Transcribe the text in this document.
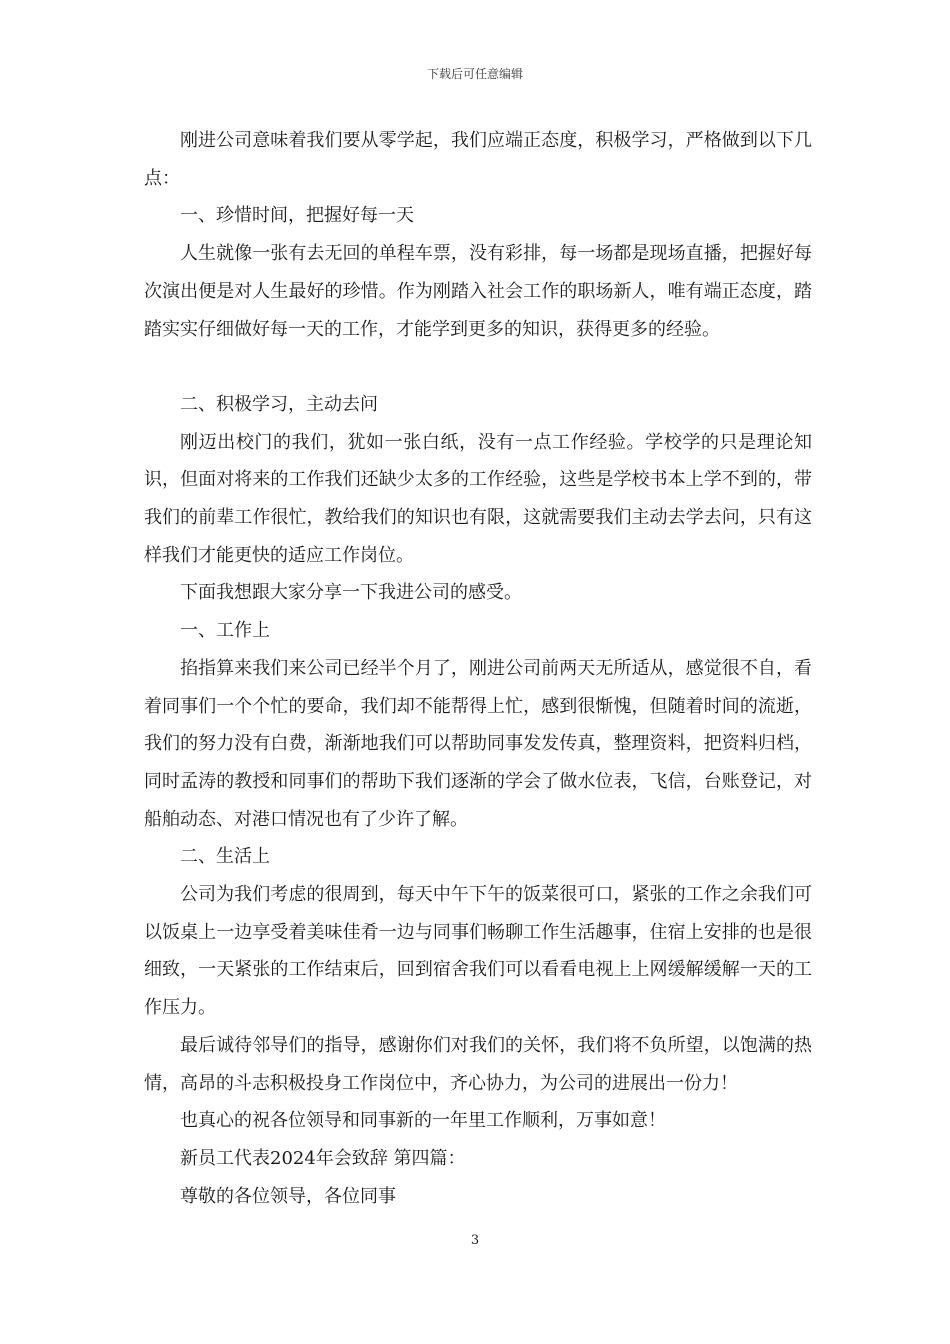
下载后可任意编辑

刚进公司意味着我们要从零学起，我们应端正态度，积极学习，严格做到以下几点：

一、珍惜时间，把握好每一天

人生就像一张有去无回的单程车票，没有彩排，每一场都是现场直播，把握好每次演出便是对人生最好的珍惜。作为刚踏入社会工作的职场新人，唯有端正态度，踏踏实实仔细做好每一天的工作，才能学到更多的知识，获得更多的经验。

二、积极学习，主动去问

刚迈出校门的我们，犹如一张白纸，没有一点工作经验。学校学的只是理论知识，但面对将来的工作我们还缺少太多的工作经验，这些是学校书本上学不到的，带我们的前辈工作很忙，教给我们的知识也有限，这就需要我们主动去学去问，只有这样我们才能更快的适应工作岗位。

下面我想跟大家分享一下我进公司的感受。

一、工作上

掐指算来我们来公司已经半个月了，刚进公司前两天无所适从，感觉很不自，看着同事们一个个忙的要命，我们却不能帮得上忙，感到很惭愧，但随着时间的流逝，我们的努力没有白费，渐渐地我们可以帮助同事发发传真，整理资料，把资料归档，同时孟涛的教授和同事们的帮助下我们逐渐的学会了做水位表，飞信，台账登记，对船舶动态、对港口情况也有了少许了解。

二、生活上

公司为我们考虑的很周到，每天中午下午的饭菜很可口，紧张的工作之余我们可以饭桌上一边享受着美味佳肴一边与同事们畅聊工作生活趣事，住宿上安排的也是很细致，一天紧张的工作结束后，回到宿舍我们可以看看电视上上网缓解缓解一天的工作压力。

最后诚待邻导们的指导，感谢你们对我们的关怀，我们将不负所望，以饱满的热情，高昂的斗志积极投身工作岗位中，齐心协力，为公司的进展出一份力！

也真心的祝各位领导和同事新的一年里工作顺利，万事如意！

新员工代表2024年会致辞 第四篇：

尊敬的各位领导，各位同事

3
